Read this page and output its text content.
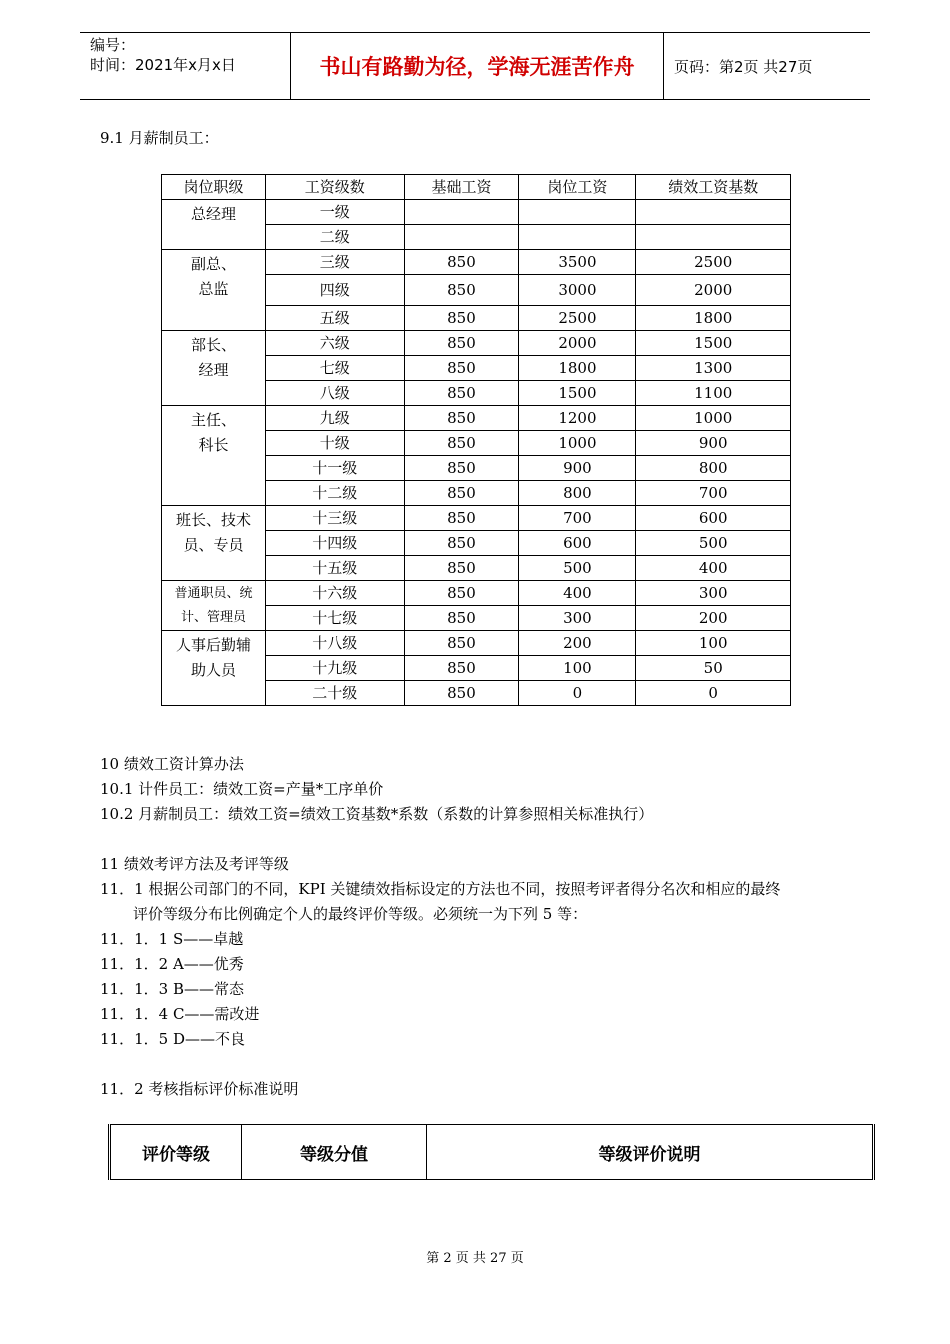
编号：
时间：2021年x月x日	书山有路勤为径，学海无涯苦作舟	页码：第2页 共27页
9.1 月薪制员工：
岗位职级	工资级数	基础工资	岗位工资	绩效工资基数
总经理	一级			
	二级			
副总、
总监	三级	850	3500	2500
	四级	850	3000	2000
	五级	850	2500	1800
部长、
经理	六级	850	2000	1500
	七级	850	1800	1300
	八级	850	1500	1100
主任、
科长	九级	850	1200	1000
	十级	850	1000	900
	十一级	850	900	800
	十二级	850	800	700
班长、技术
员、专员	十三级	850	700	600
	十四级	850	600	500
	十五级	850	500	400
普通职员、统
计、管理员	十六级	850	400	300
	十七级	850	300	200
人事后勤辅
助人员	十八级	850	200	100
	十九级	850	100	50
	二十级	850	0	0
10 绩效工资计算办法
10.1 计件员工：绩效工资=产量*工序单价
10.2 月薪制员工：绩效工资=绩效工资基数*系数（系数的计算参照相关标准执行）
11 绩效考评方法及考评等级
11．1 根据公司部门的不同，KPI 关键绩效指标设定的方法也不同，按照考评者得分名次和相应的最终
评价等级分布比例确定个人的最终评价等级。必须统一为下列 5 等：
11．1．1 S——卓越
11．1．2 A——优秀
11．1．3 B——常态
11．1．4 C——需改进
11．1．5 D——不良
11．2 考核指标评价标准说明
评价等级	等级分值	等级评价说明
第 2 页 共 27 页
